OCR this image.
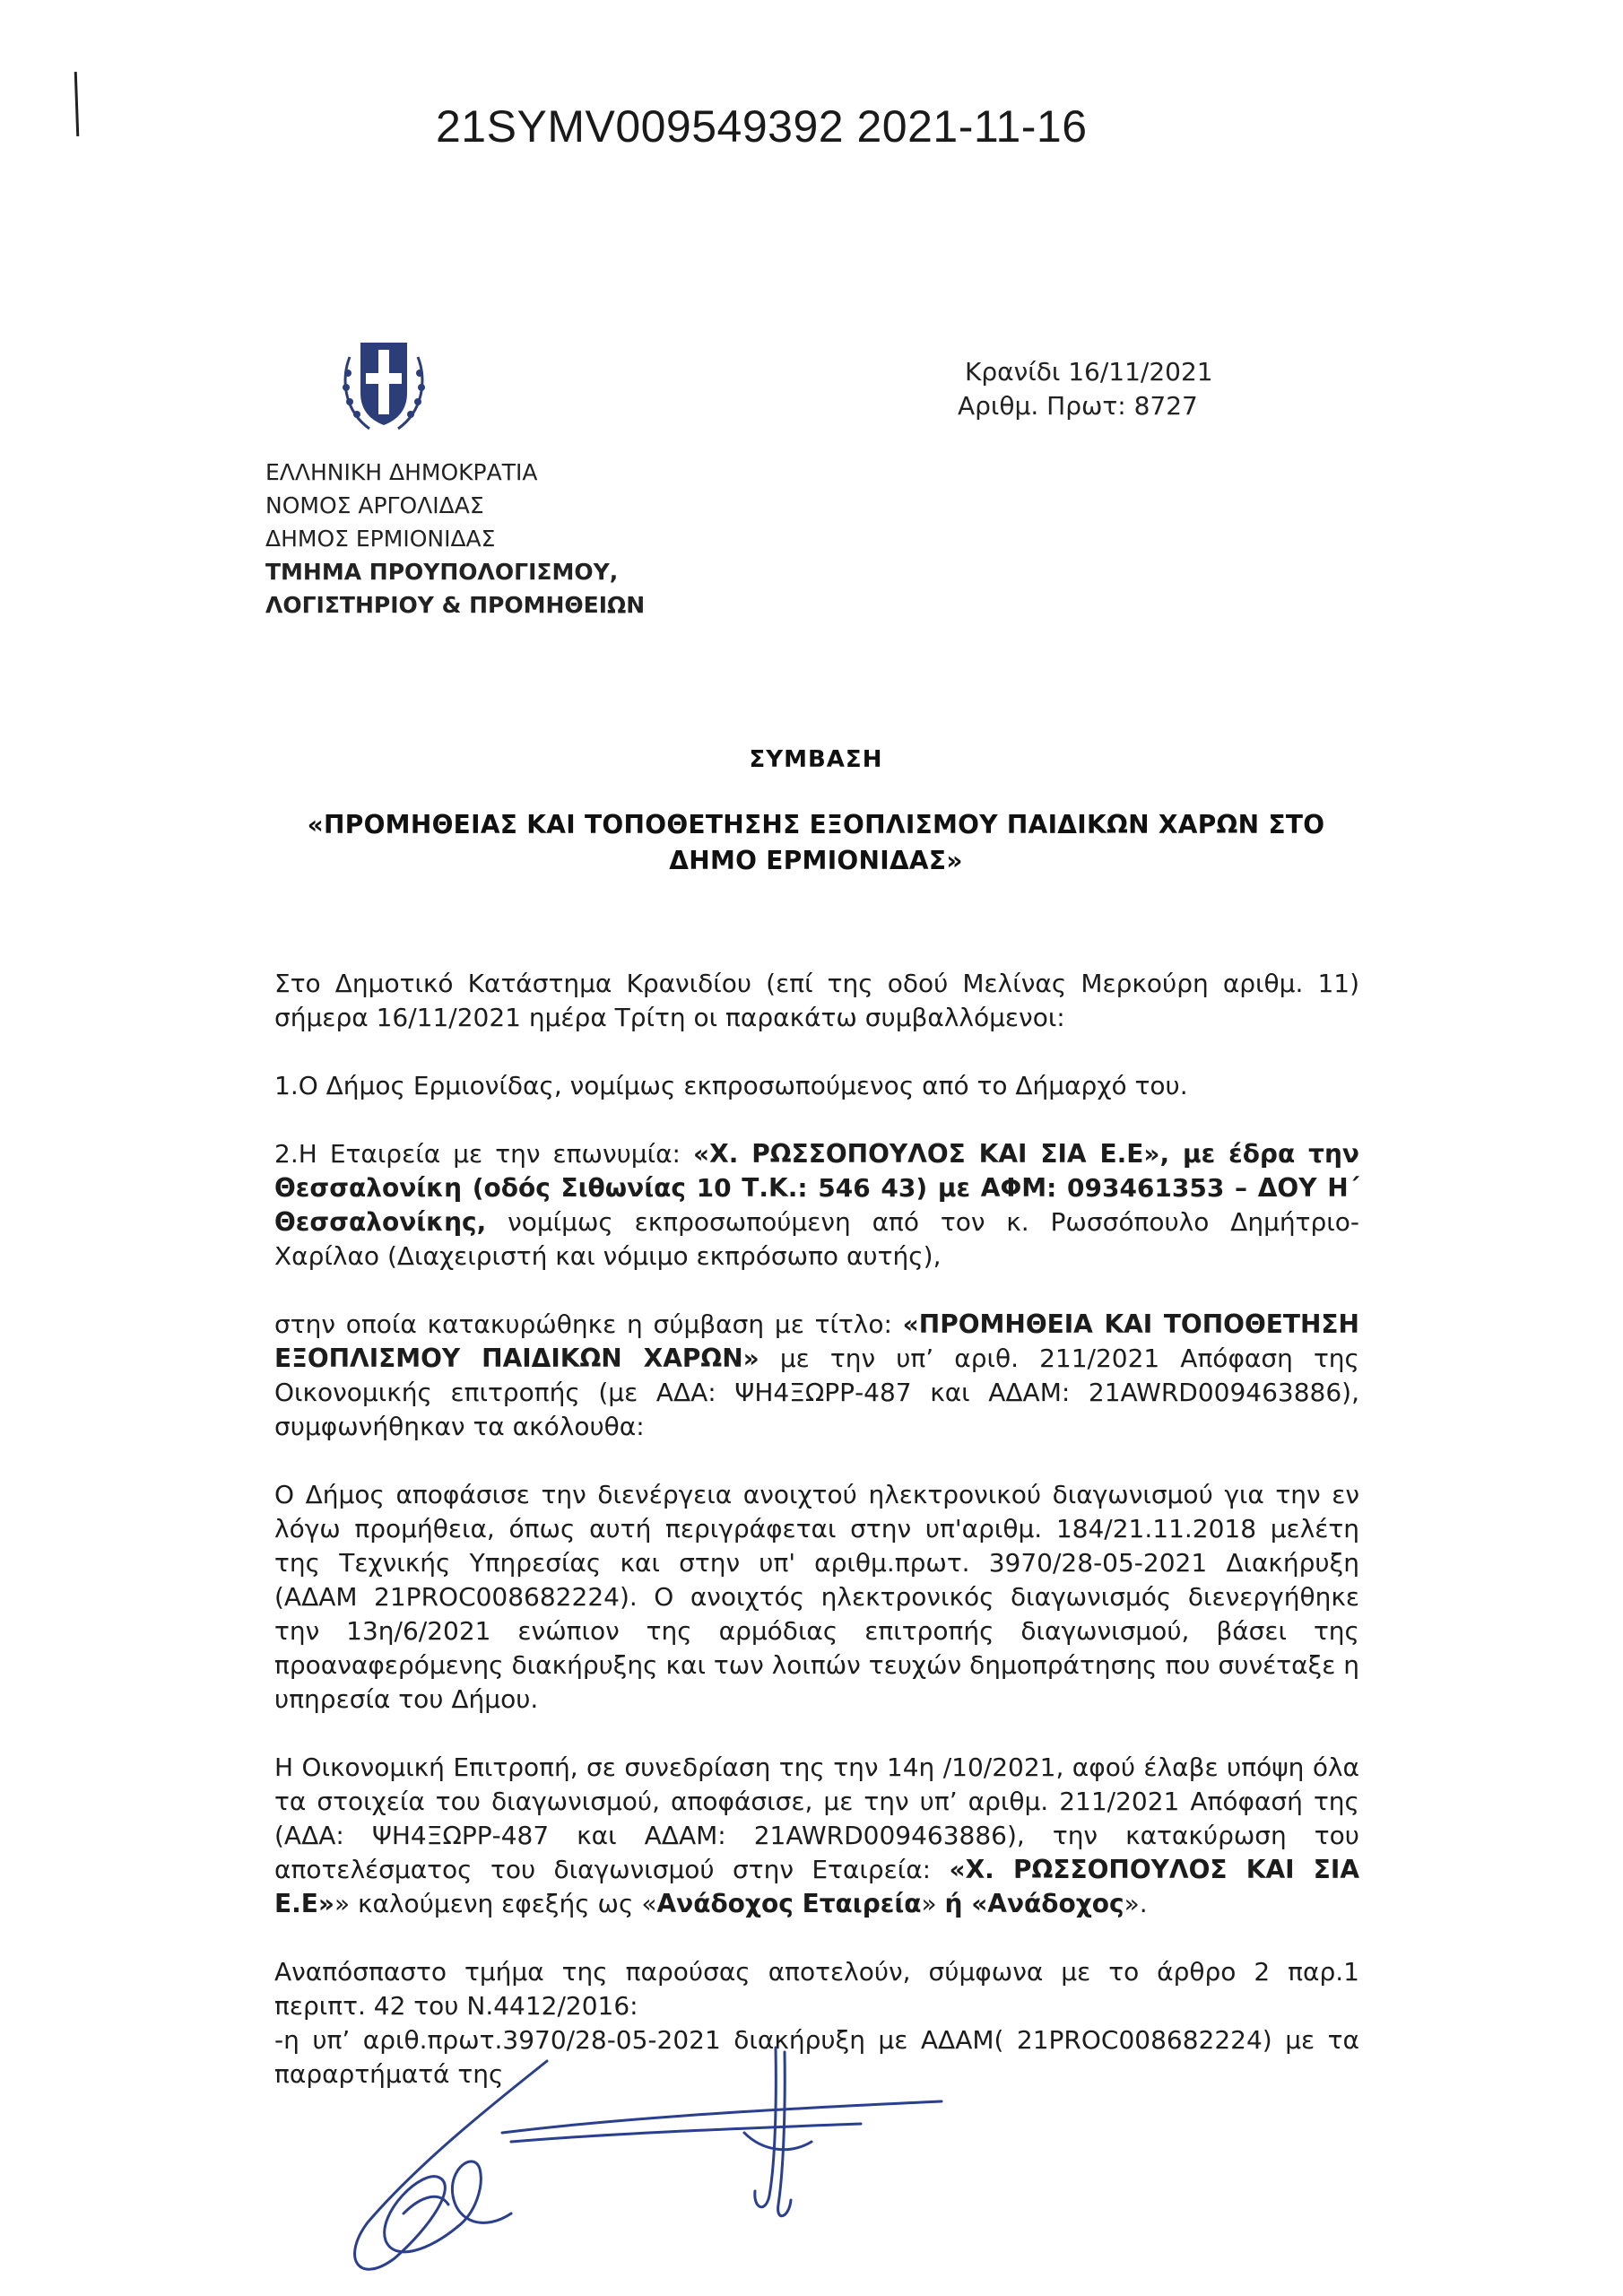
21SYMV009549392 2021-11-16
Κρανίδι 16/11/2021
Αριθμ. Πρωτ: 8727
ΕΛΛΗΝΙΚΗ ΔΗΜΟΚΡΑΤΙΑ
ΝΟΜΟΣ ΑΡΓΟΛΙΔΑΣ
ΔΗΜΟΣ ΕΡΜΙΟΝΙΔΑΣ
ΤΜΗΜΑ ΠΡΟΥΠΟΛΟΓΙΣΜΟΥ,
ΛΟΓΙΣΤΗΡΙΟΥ & ΠΡΟΜΗΘΕΙΩΝ
ΣΥΜΒΑΣΗ
«ΠΡΟΜΗΘΕΙΑΣ ΚΑΙ ΤΟΠΟΘΕΤΗΣΗΣ ΕΞΟΠΛΙΣΜΟΥ ΠΑΙΔΙΚΩΝ ΧΑΡΩΝ ΣΤΟ
ΔΗΜΟ ΕΡΜΙΟΝΙΔΑΣ»

Στο Δημοτικό Κατάστημα Κρανιδίου (επί της οδού Μελίνας Μερκούρη αριθμ. 11) σήμερα 16/11/2021 ημέρα Τρίτη οι παρακάτω συμβαλλόμενοι:

1.Ο Δήμος Ερμιονίδας, νομίμως εκπροσωπούμενος από το Δήμαρχό του.

2.Η Εταιρεία με την επωνυμία: «Χ. ΡΩΣΣΟΠΟΥΛΟΣ ΚΑΙ ΣΙΑ Ε.Ε», με έδρα την Θεσσαλονίκη (οδός Σιθωνίας 10 Τ.Κ.: 546 43) με ΑΦΜ: 093461353 – ΔΟΥ Η΄ Θεσσαλονίκης, νομίμως εκπροσωπούμενη από τον κ. Ρωσσόπουλο Δημήτριο-Χαρίλαο (Διαχειριστή και νόμιμο εκπρόσωπο αυτής),

στην οποία κατακυρώθηκε η σύμβαση με τίτλο: «ΠΡΟΜΗΘΕΙΑ ΚΑΙ ΤΟΠΟΘΕΤΗΣΗ ΕΞΟΠΛΙΣΜΟΥ ΠΑΙΔΙΚΩΝ ΧΑΡΩΝ» με την υπ’ αριθ. 211/2021 Απόφαση της Οικονομικής επιτροπής (με ΑΔΑ: ΨΗ4ΞΩΡΡ-487 και ΑΔΑΜ: 21AWRD009463886), συμφωνήθηκαν τα ακόλουθα:

Ο Δήμος αποφάσισε την διενέργεια ανοιχτού ηλεκτρονικού διαγωνισμού για την εν λόγω προμήθεια, όπως αυτή περιγράφεται στην υπ'αριθμ. 184/21.11.2018 μελέτη της Τεχνικής Υπηρεσίας και στην υπ' αριθμ.πρωτ. 3970/28-05-2021 Διακήρυξη (ΑΔΑΜ 21PROC008682224). Ο ανοιχτός ηλεκτρονικός διαγωνισμός διενεργήθηκε την 13η/6/2021 ενώπιον της αρμόδιας επιτροπής διαγωνισμού, βάσει της προαναφερόμενης διακήρυξης και των λοιπών τευχών δημοπράτησης που συνέταξε η υπηρεσία του Δήμου.

Η Οικονομική Επιτροπή, σε συνεδρίαση της την 14η /10/2021, αφού έλαβε υπόψη όλα τα στοιχεία του διαγωνισμού, αποφάσισε, με την υπ’ αριθμ. 211/2021 Απόφασή της (ΑΔΑ: ΨΗ4ΞΩΡΡ-487 και ΑΔΑΜ: 21AWRD009463886), την κατακύρωση του αποτελέσματος του διαγωνισμού στην Εταιρεία: «Χ. ΡΩΣΣΟΠΟΥΛΟΣ ΚΑΙ ΣΙΑ Ε.Ε»» καλούμενη εφεξής ως «Ανάδοχος Εταιρεία» ή «Ανάδοχος».

Αναπόσπαστο τμήμα της παρούσας αποτελούν, σύμφωνα με το άρθρο 2 παρ.1 περιπτ. 42 του Ν.4412/2016:

-η υπ’ αριθ.πρωτ.3970/28-05-2021 διακήρυξη με ΑΔΑΜ( 21PROC008682224) με τα παραρτήματά της
